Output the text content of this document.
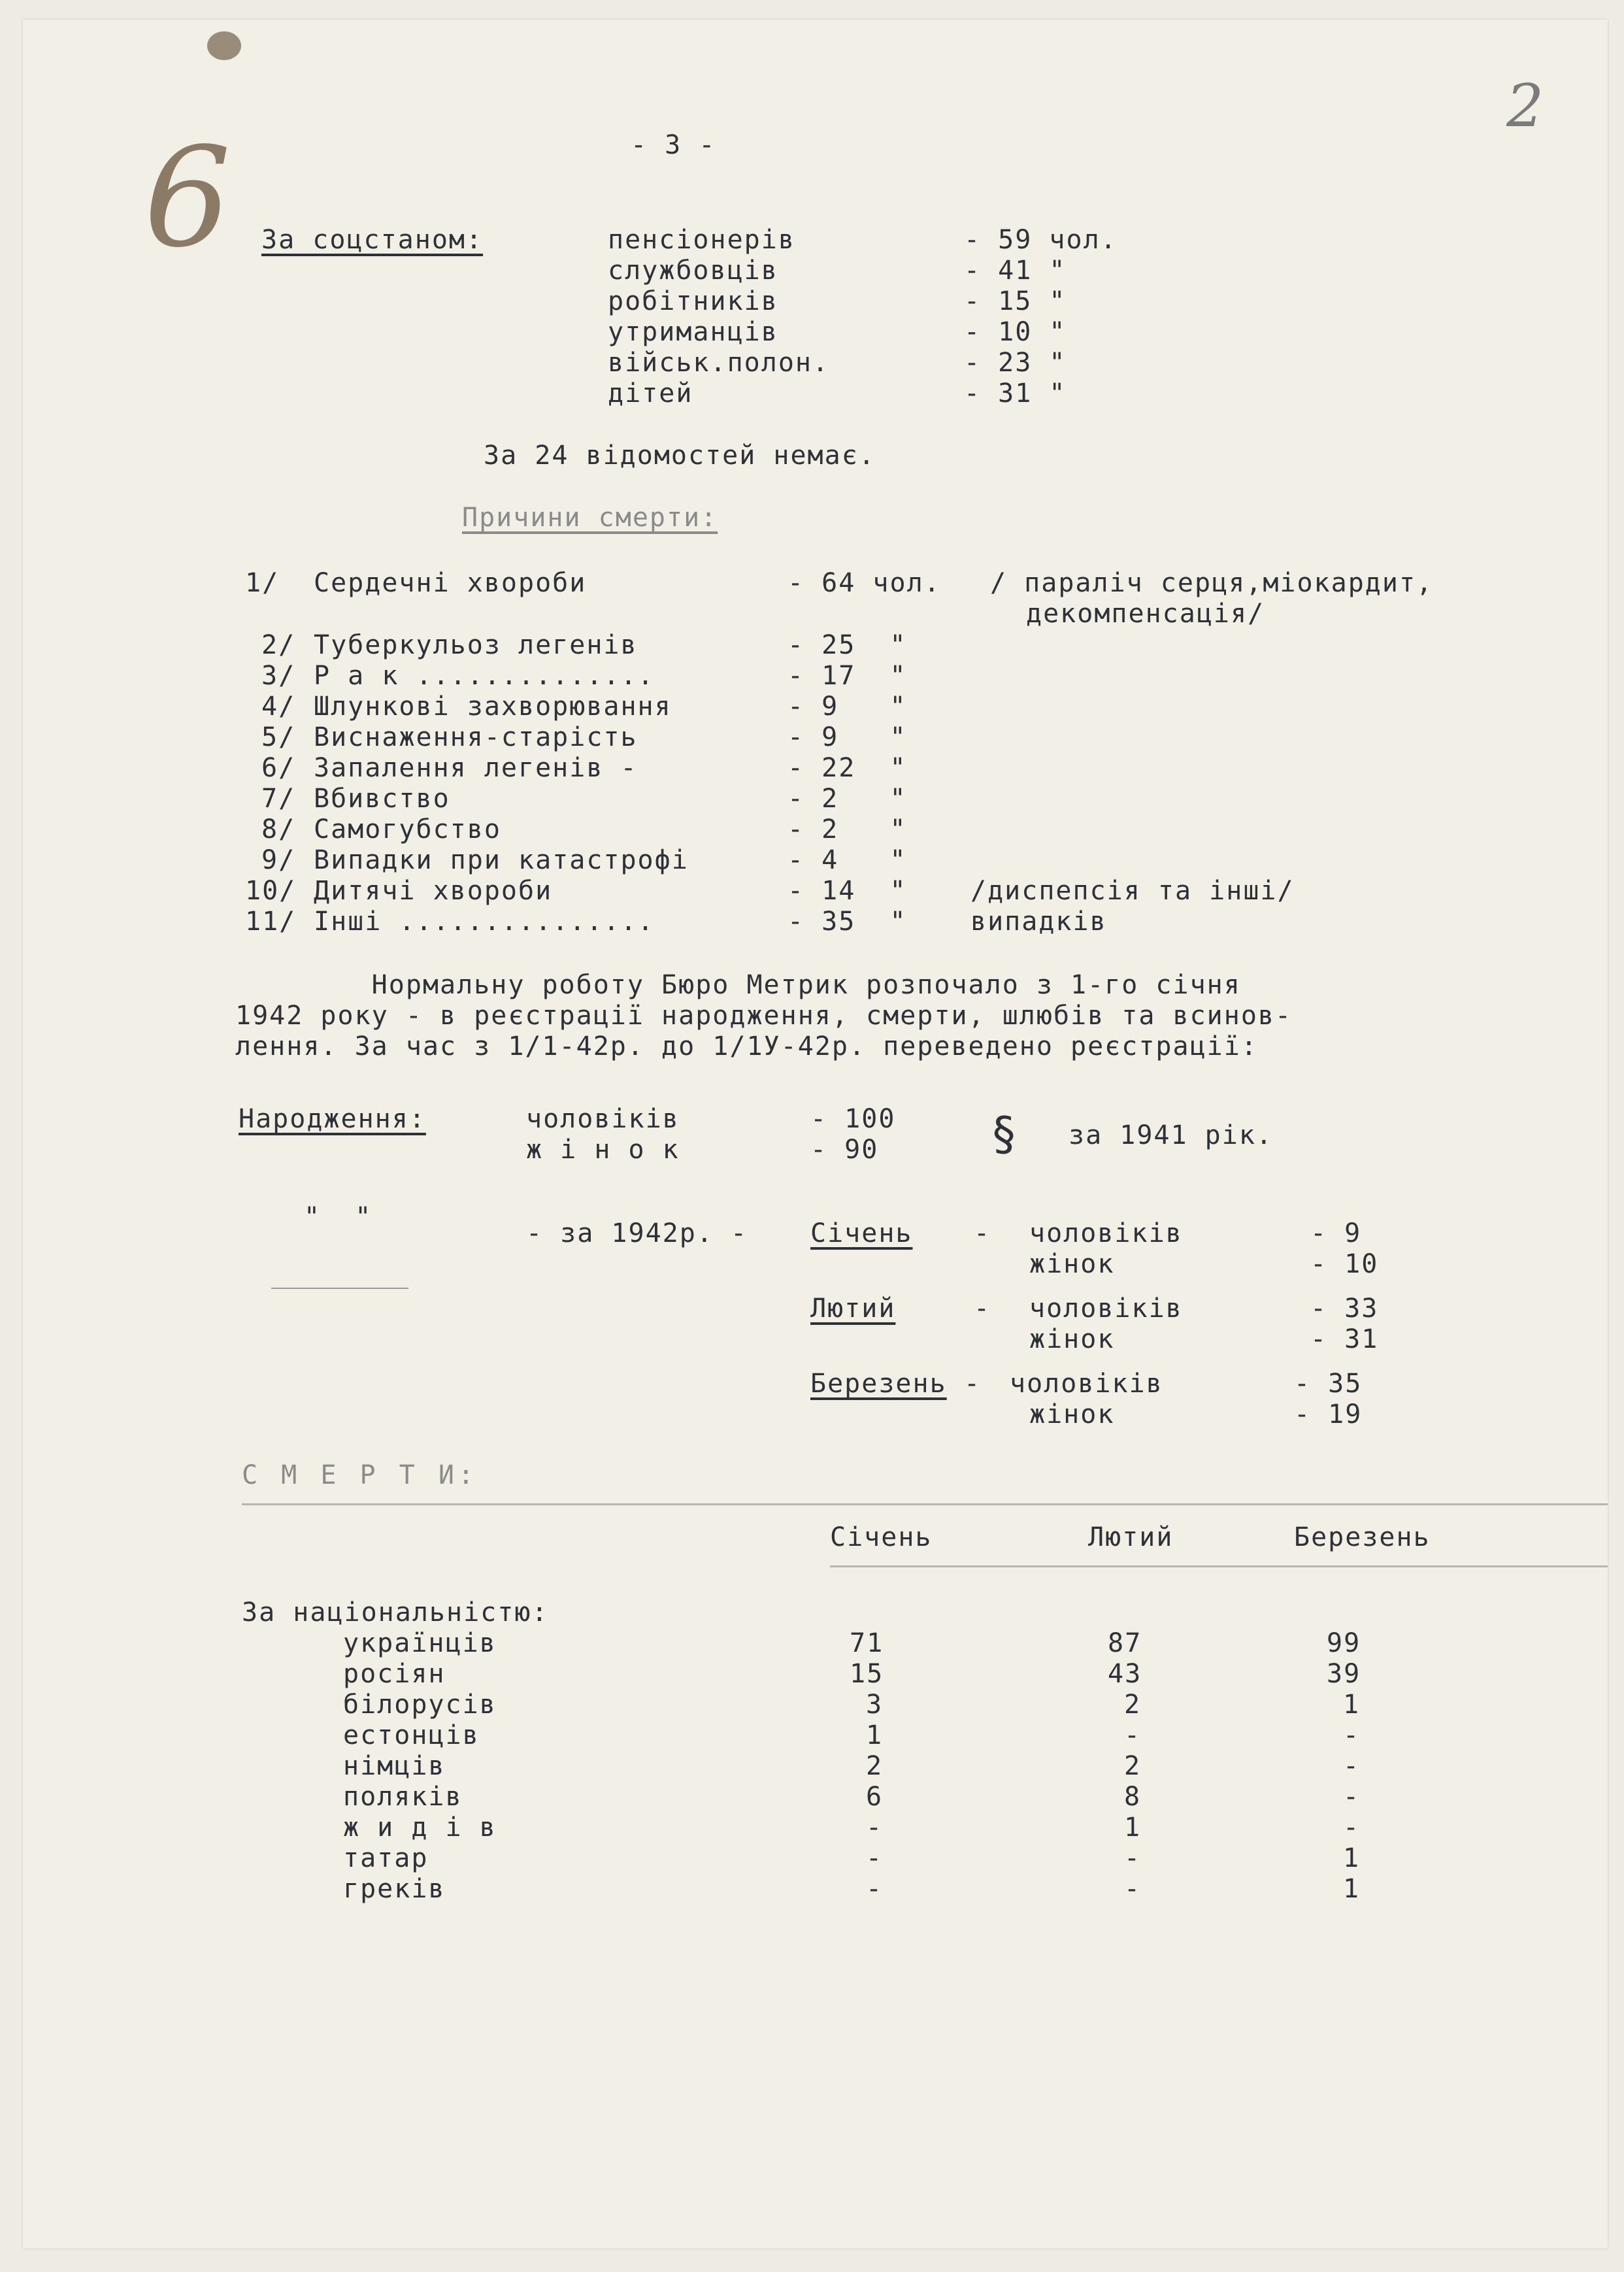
6
2
- 3 -
За соцстаном:	пенсіонерів	- 59 чол.
службовців	- 41 "
робітників	- 15 "
утриманців	- 10 "
військ.полон.	- 23 "
дітей	- 31 "
За 24 відомостей немає.
Причини смерти:
1/ Сердечні хвороби	- 64 чол. / параліч серця,міокардит,
декомпенсація/
2/ Туберкульоз легенів	- 25  "
3/ Р а к ..............	- 17  "
4/ Шлункові захворювання	- 9   "
5/ Виснаження-старість	- 9   "
6/ Запалення легенів -	- 22  "
7/ Вбивство	- 2   "
8/ Самогубство	- 2   "
9/ Випадки при катастрофі	- 4   "
10/ Дитячі хвороби	- 14  " /диспепсія та інші/
11/ Інші ...............	- 35  " випадків
Нормальну роботу Бюро Метрик розпочало з 1-го січня
1942 року - в реєстрації народження, смерти, шлюбів та всинов-
лення. За час з 1/1-42р. до 1/1У-42р. переведено реєстрації:
Народження:	чоловіків	- 100
ж і н о к	- 90 § за 1941 рік.
"  "
- за 1942р. - Січень - чоловіків	- 9
жінок	- 10
Лютий	- чоловіків	- 33
жінок	- 31
Березень - чоловіків	- 35
жінок	- 19
С М Е Р Т И:
Січень	Лютий	Березень
За національністю:
українців	71	87	99
росіян	15	43	39
білорусів	3	2	1
естонців	1	-	-
німців	2	2	-
поляків	6	8	-
ж и д і в	-	1	-
татар	-	-	1
греків	-	-	1
